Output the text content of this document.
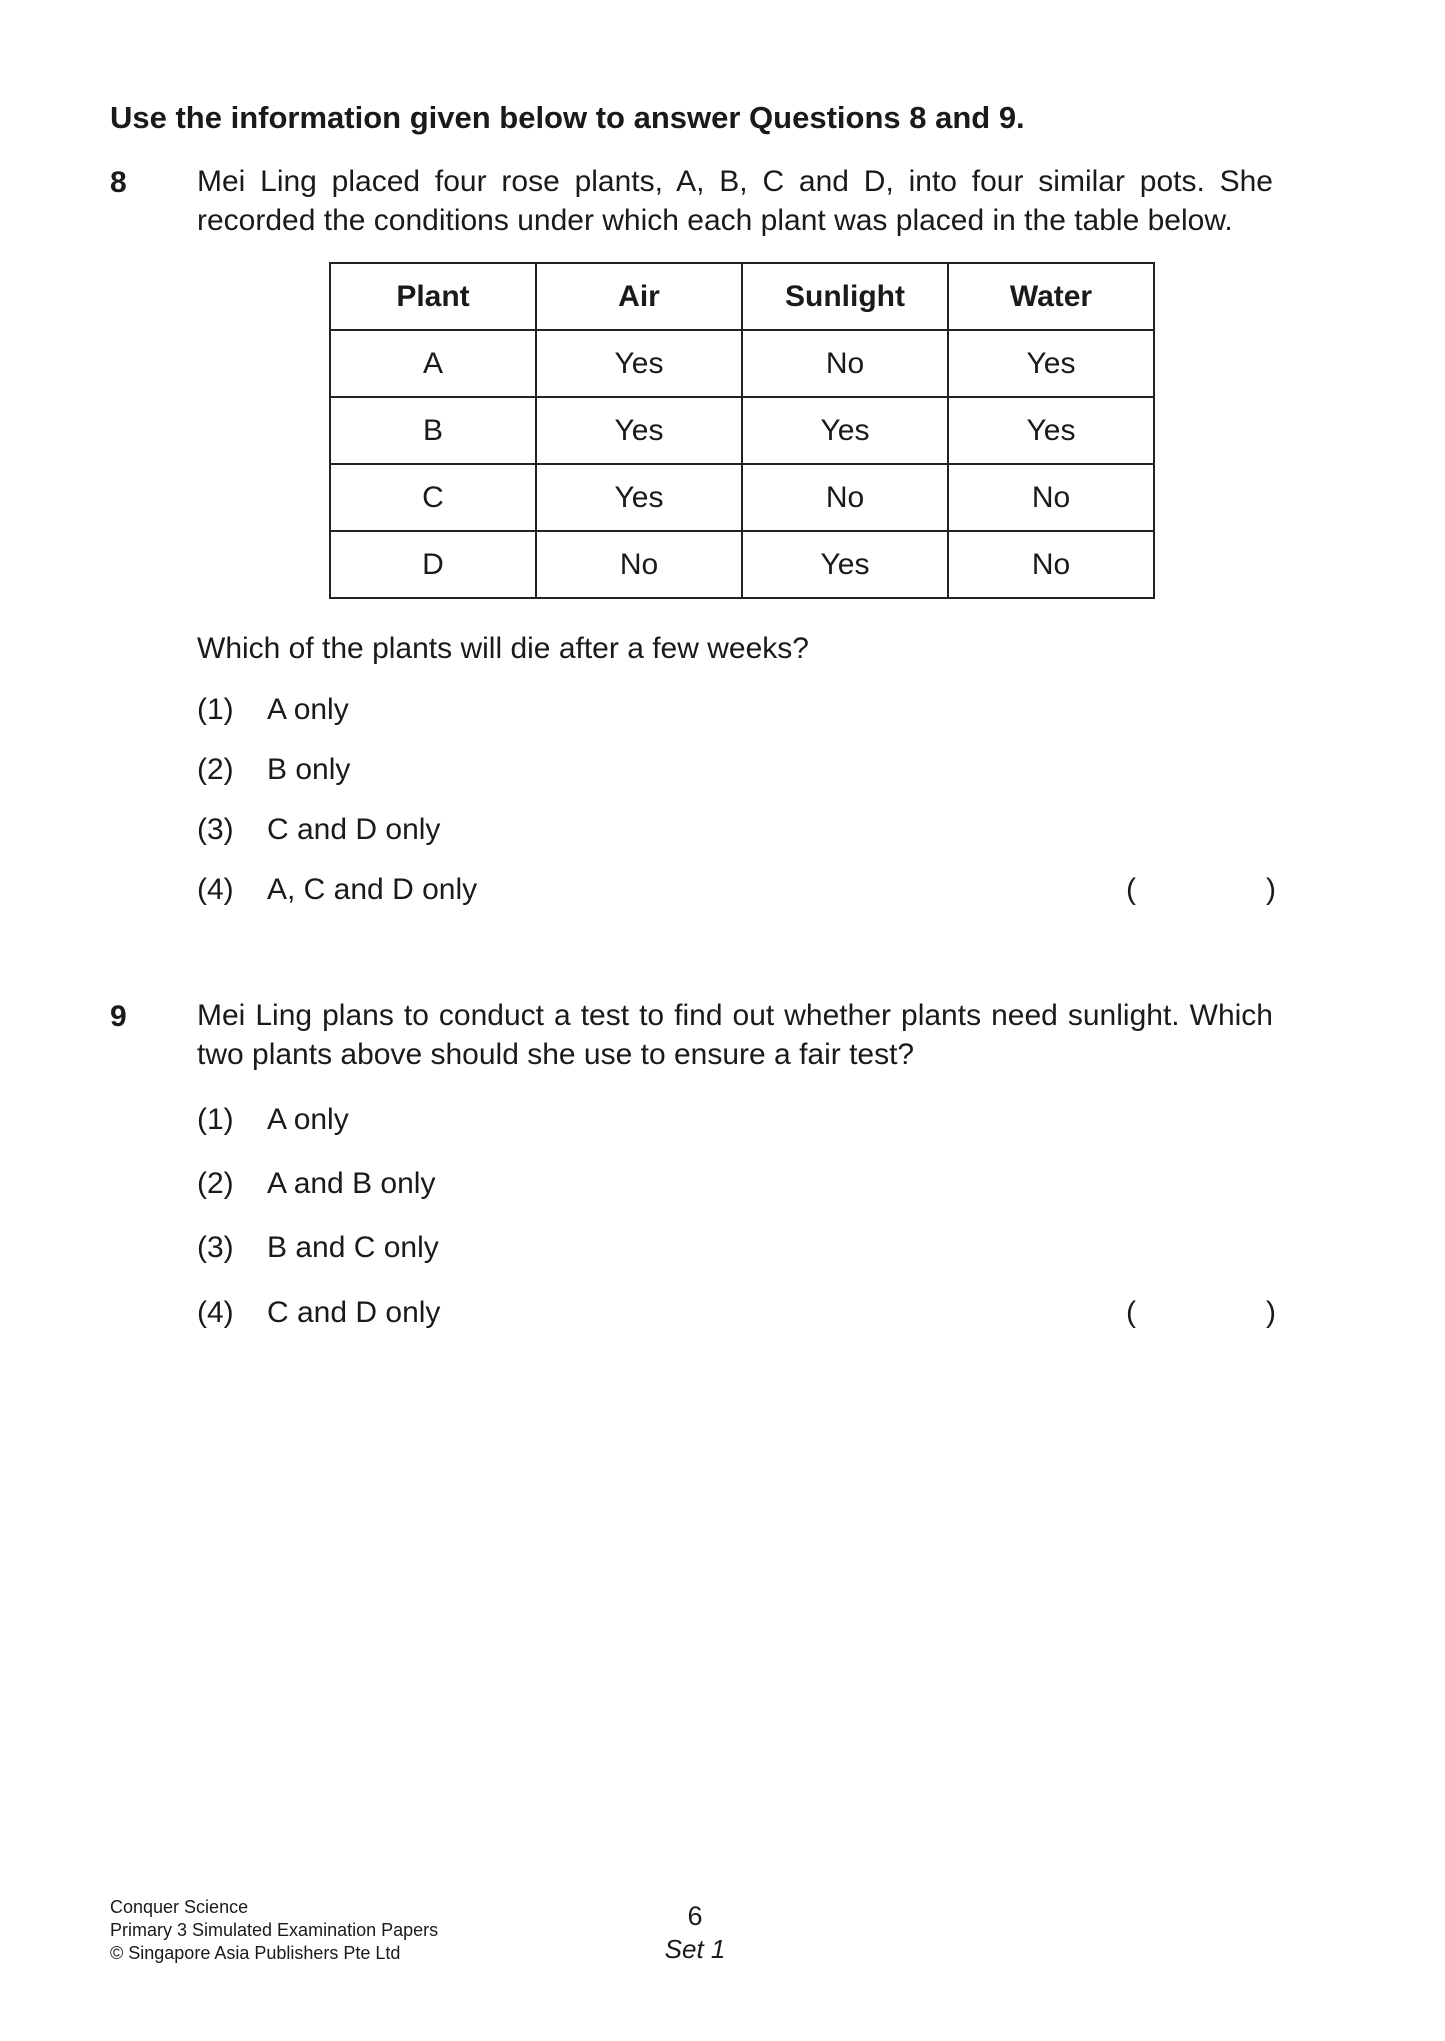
Use the information given below to answer Questions 8 and 9.
8 Mei Ling placed four rose plants, A, B, C and D, into four similar pots. She recorded the conditions under which each plant was placed in the table below.

Plant	Air	Sunlight	Water
A	Yes	No	Yes
B	Yes	Yes	Yes
C	Yes	No	No
D	No	Yes	No

Which of the plants will die after a few weeks?

(1) A only
(2) B only
(3) C and D only
(4) A, C and D only	(	)
9 Mei Ling plans to conduct a test to find out whether plants need sunlight. Which two plants above should she use to ensure a fair test?

(1) A only
(2) A and B only
(3) B and C only
(4) C and D only	(	)
Conquer Science
Primary 3 Simulated Examination Papers
© Singapore Asia Publishers Pte Ltd
6
Set 1
